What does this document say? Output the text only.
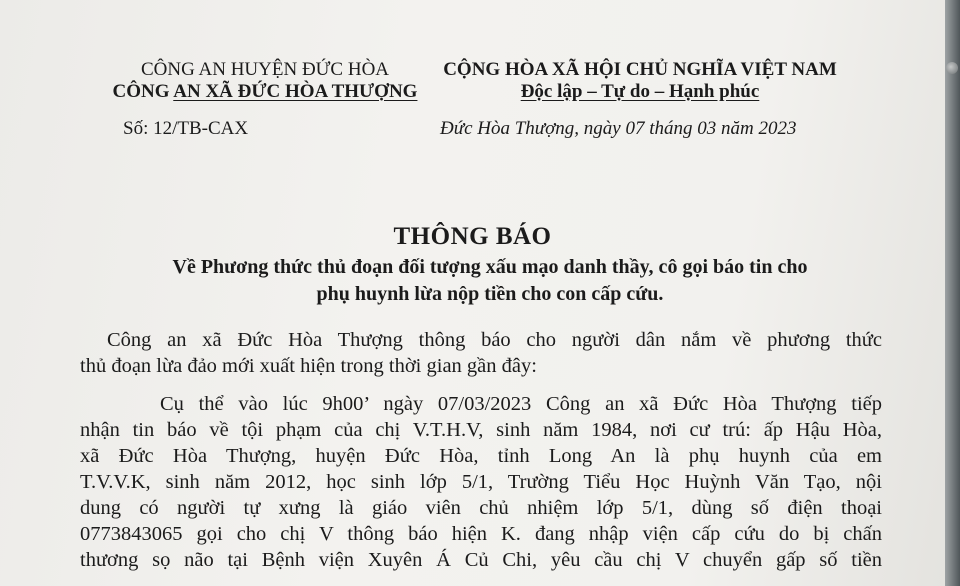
CÔNG AN HUYỆN ĐỨC HÒA
CÔNG AN XÃ ĐỨC HÒA THƯỢNG
CỘNG HÒA XÃ HỘI CHỦ NGHĨA VIỆT NAM
Độc lập – Tự do – Hạnh phúc
Số: 12/TB-CAX	Đức Hòa Thượng, ngày 07 tháng 03 năm 2023
THÔNG BÁO
Về Phương thức thủ đoạn đối tượng xấu mạo danh thầy, cô gọi báo tin cho
phụ huynh lừa nộp tiền cho con cấp cứu.
Công an xã Đức Hòa Thượng thông báo cho người dân nắm về phương thức
thủ đoạn lừa đảo mới xuất hiện trong thời gian gần đây:
Cụ thể vào lúc 9h00’ ngày 07/03/2023 Công an xã Đức Hòa Thượng tiếp
nhận tin báo về tội phạm của chị V.T.H.V, sinh năm 1984, nơi cư trú: ấp Hậu Hòa,
xã Đức Hòa Thượng, huyện Đức Hòa, tỉnh Long An là phụ huynh của em
T.V.V.K, sinh năm 2012, học sinh lớp 5/1, Trường Tiểu Học Huỳnh Văn Tạo, nội
dung có người tự xưng là giáo viên chủ nhiệm lớp 5/1, dùng số điện thoại
0773843065 gọi cho chị V thông báo hiện K. đang nhập viện cấp cứu do bị chấn
thương sọ não tại Bệnh viện Xuyên Á Củ Chi, yêu cầu chị V chuyển gấp số tiền
